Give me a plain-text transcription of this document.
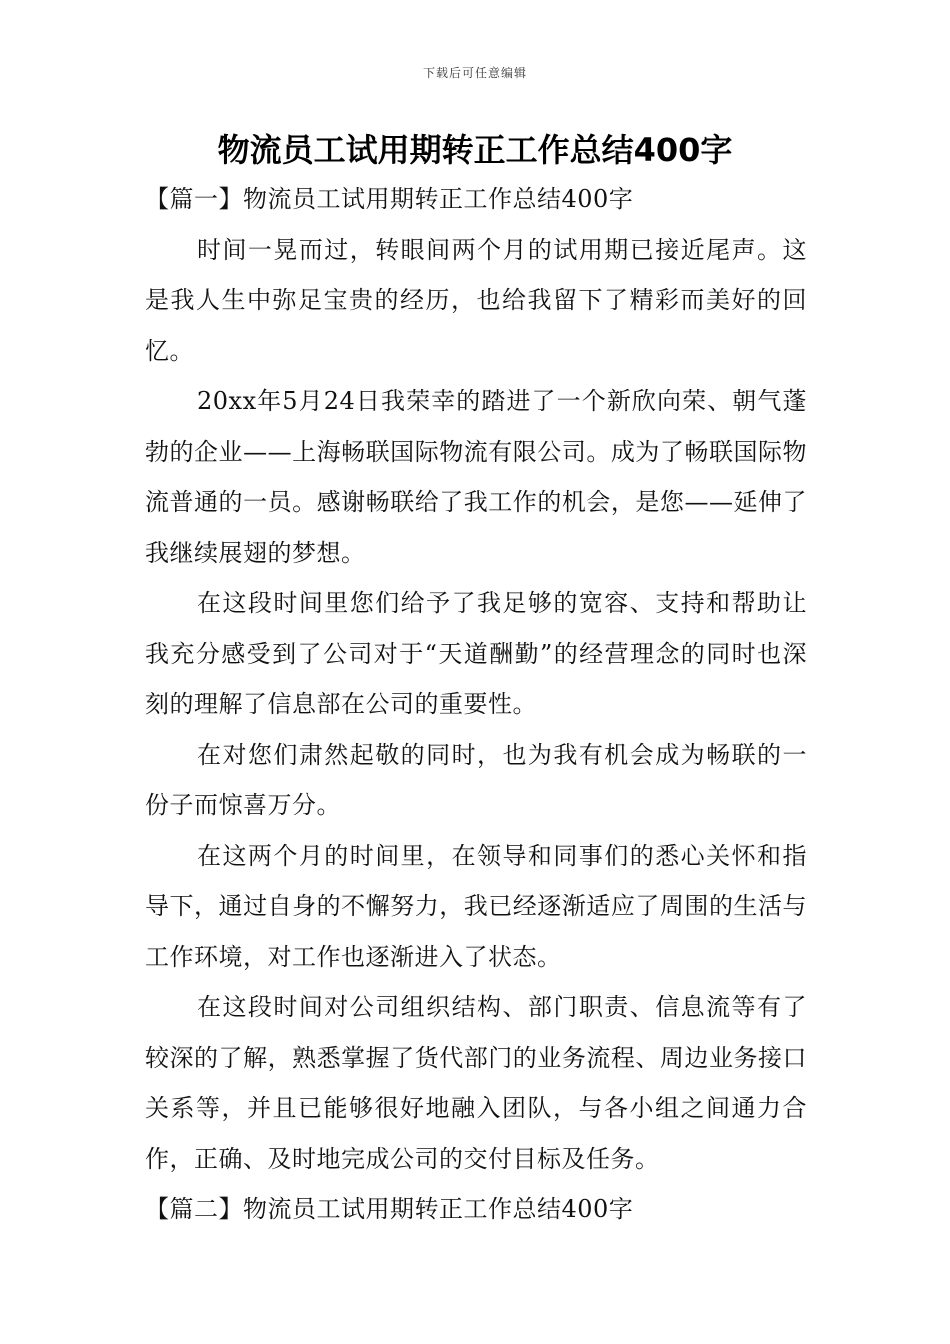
下载后可任意编辑
物流员工试用期转正工作总结400字
【篇一】物流员工试用期转正工作总结400字

时间一晃而过，转眼间两个月的试用期已接近尾声。这是我人生中弥足宝贵的经历，也给我留下了精彩而美好的回忆。

20xx年5月24日我荣幸的踏进了一个新欣向荣、朝气蓬勃的企业——上海畅联国际物流有限公司。成为了畅联国际物流普通的一员。感谢畅联给了我工作的机会，是您——延伸了我继续展翅的梦想。

在这段时间里您们给予了我足够的宽容、支持和帮助让我充分感受到了公司对于“天道酬勤”的经营理念的同时也深刻的理解了信息部在公司的重要性。

在对您们肃然起敬的同时，也为我有机会成为畅联的一份子而惊喜万分。

在这两个月的时间里，在领导和同事们的悉心关怀和指导下，通过自身的不懈努力，我已经逐渐适应了周围的生活与工作环境，对工作也逐渐进入了状态。

在这段时间对公司组织结构、部门职责、信息流等有了较深的了解，熟悉掌握了货代部门的业务流程、周边业务接口关系等，并且已能够很好地融入团队，与各小组之间通力合作，正确、及时地完成公司的交付目标及任务。

【篇二】物流员工试用期转正工作总结400字
